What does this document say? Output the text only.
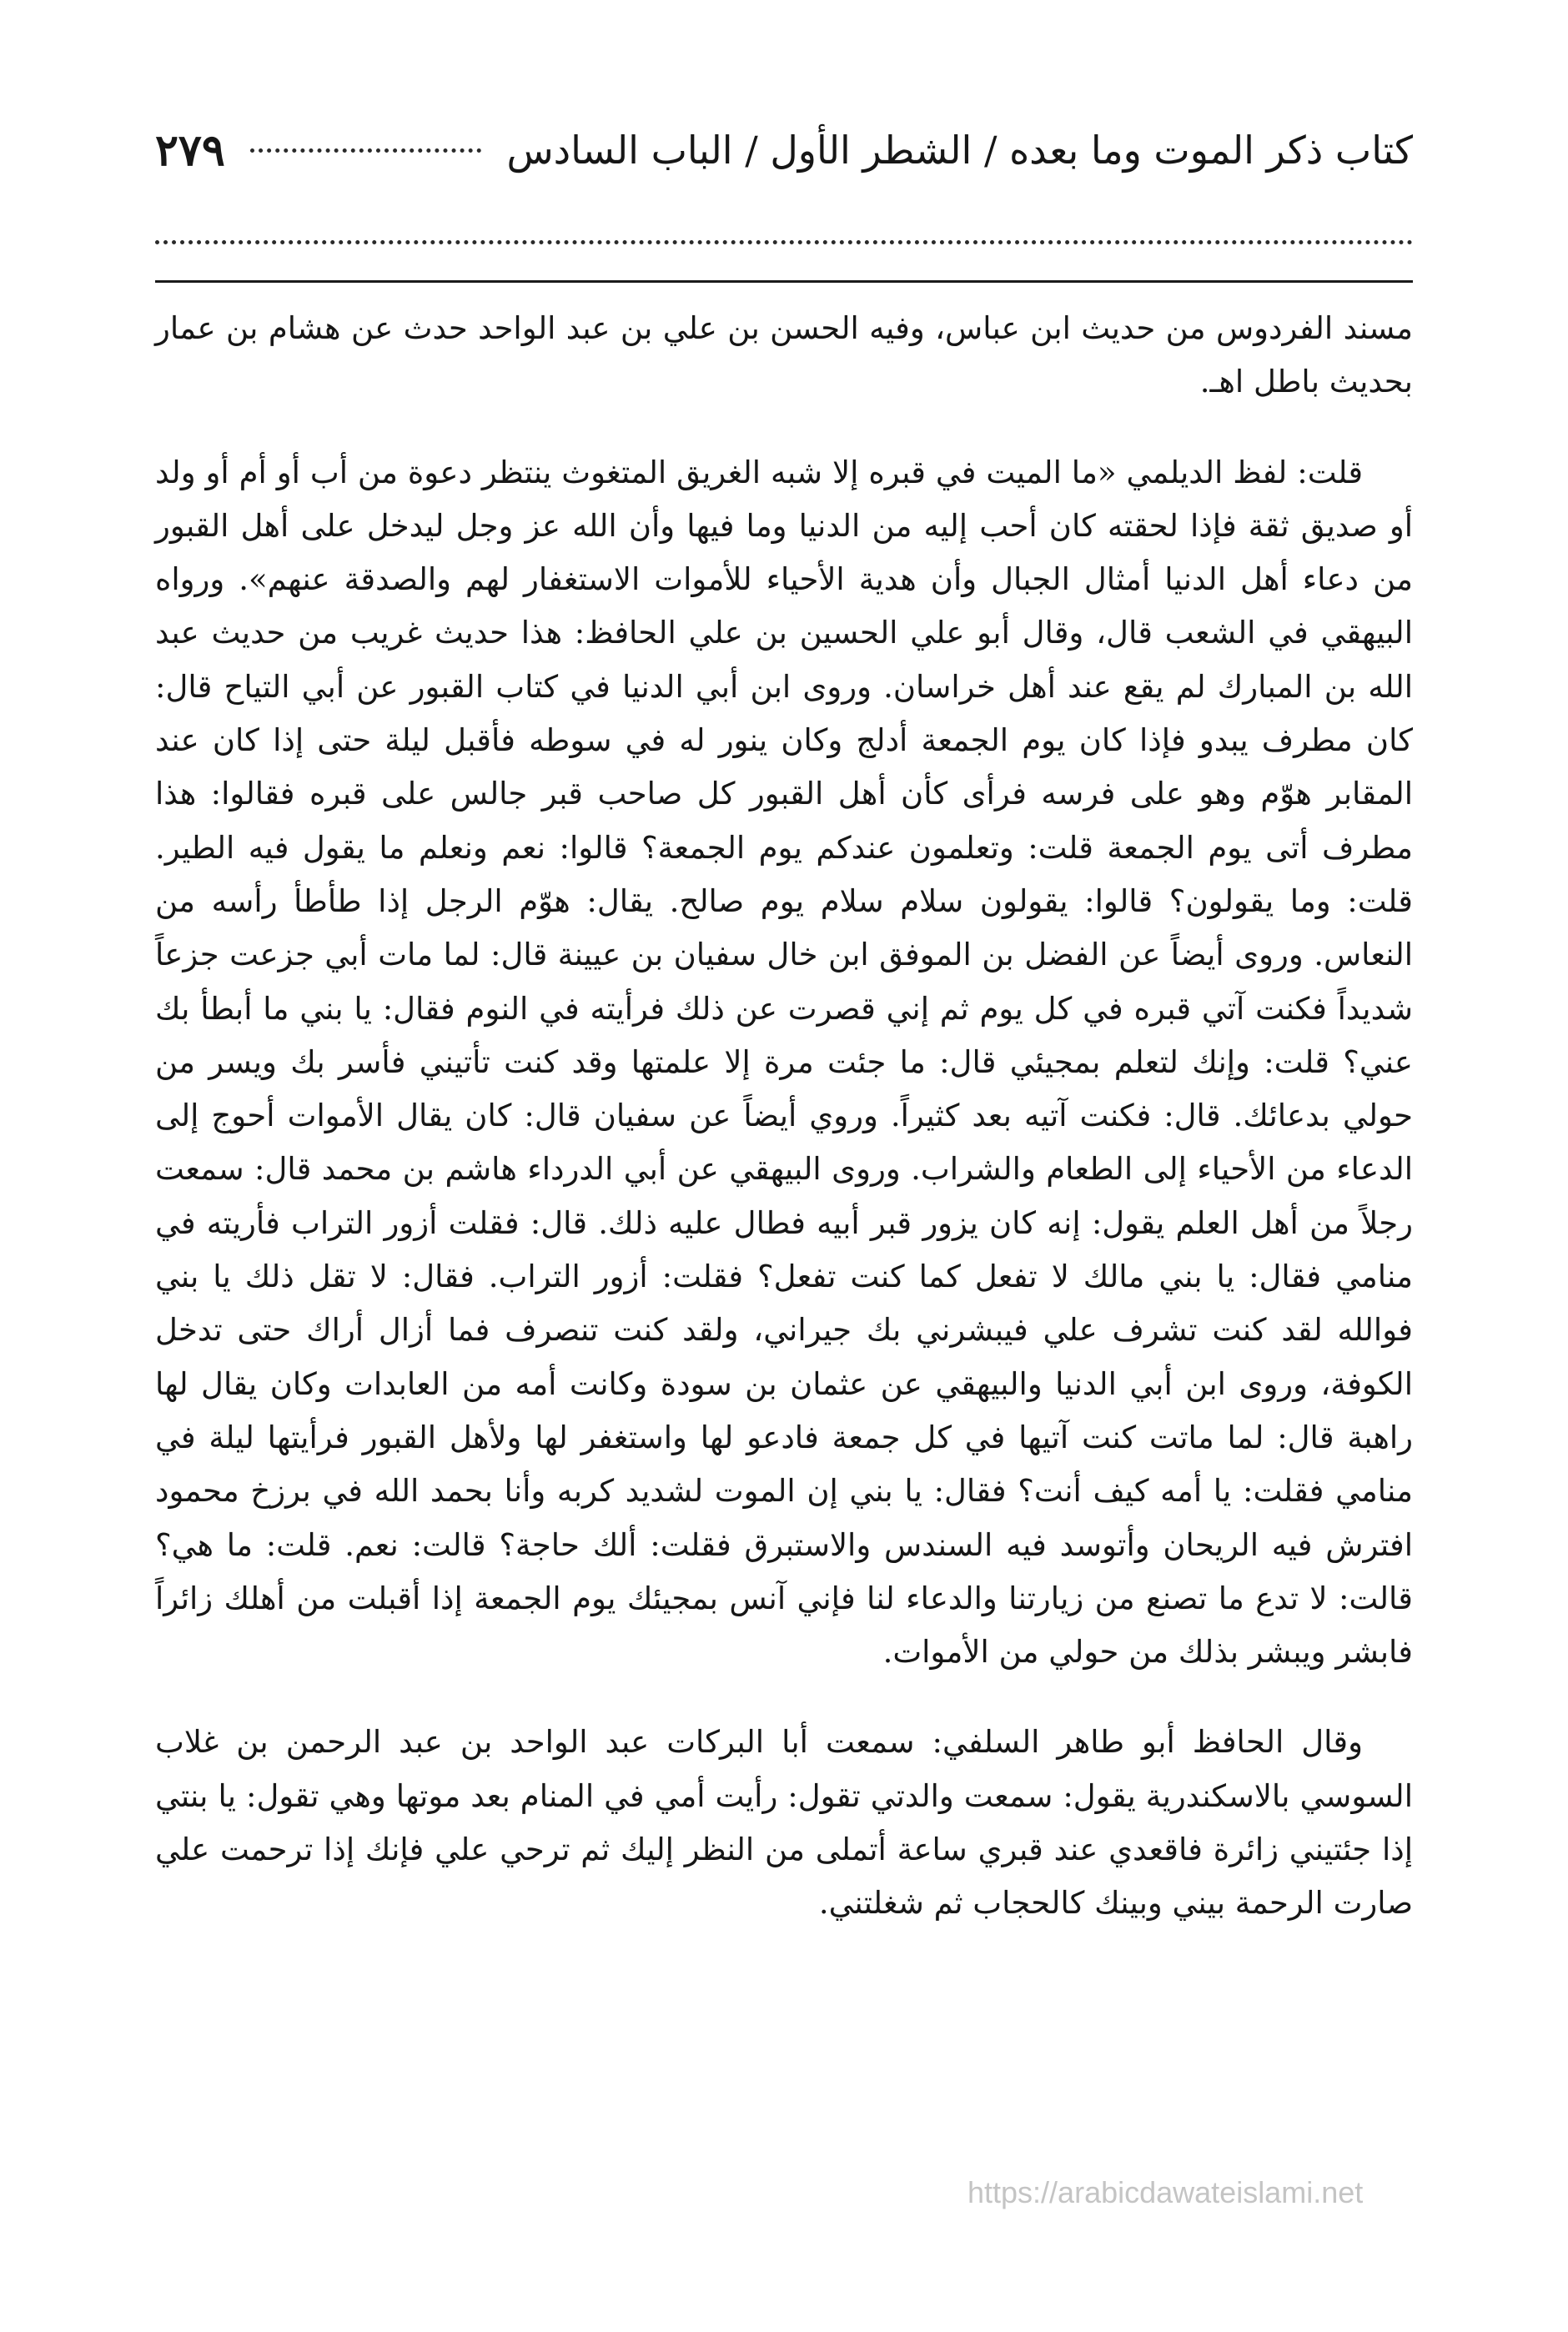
كتاب ذكر الموت وما بعده / الشطر الأول / الباب السادس
٢٧٩

مسند الفردوس من حديث ابن عباس، وفيه الحسن بن علي بن عبد الواحد حدث عن هشام بن عمار بحديث باطل اهـ.

قلت: لفظ الديلمي «ما الميت في قبره إلا شبه الغريق المتغوث ينتظر دعوة من أب أو أم أو ولد أو صديق ثقة فإذا لحقته كان أحب إليه من الدنيا وما فيها وأن الله عز وجل ليدخل على أهل القبور من دعاء أهل الدنيا أمثال الجبال وأن هدية الأحياء للأموات الاستغفار لهم والصدقة عنهم». ورواه البيهقي في الشعب قال، وقال أبو علي الحسين بن علي الحافظ: هذا حديث غريب من حديث عبد الله بن المبارك لم يقع عند أهل خراسان. وروى ابن أبي الدنيا في كتاب القبور عن أبي التياح قال: كان مطرف يبدو فإذا كان يوم الجمعة أدلج وكان ينور له في سوطه فأقبل ليلة حتى إذا كان عند المقابر هوّم وهو على فرسه فرأى كأن أهل القبور كل صاحب قبر جالس على قبره فقالوا: هذا مطرف أتى يوم الجمعة قلت: وتعلمون عندكم يوم الجمعة؟ قالوا: نعم ونعلم ما يقول فيه الطير. قلت: وما يقولون؟ قالوا: يقولون سلام سلام يوم صالح. يقال: هوّم الرجل إذا طأطأ رأسه من النعاس. وروى أيضاً عن الفضل بن الموفق ابن خال سفيان بن عيينة قال: لما مات أبي جزعت جزعاً شديداً فكنت آتي قبره في كل يوم ثم إني قصرت عن ذلك فرأيته في النوم فقال: يا بني ما أبطأ بك عني؟ قلت: وإنك لتعلم بمجيئي قال: ما جئت مرة إلا علمتها وقد كنت تأتيني فأسر بك ويسر من حولي بدعائك. قال: فكنت آتيه بعد كثيراً. وروي أيضاً عن سفيان قال: كان يقال الأموات أحوج إلى الدعاء من الأحياء إلى الطعام والشراب. وروى البيهقي عن أبي الدرداء هاشم بن محمد قال: سمعت رجلاً من أهل العلم يقول: إنه كان يزور قبر أبيه فطال عليه ذلك. قال: فقلت أزور التراب فأريته في منامي فقال: يا بني مالك لا تفعل كما كنت تفعل؟ فقلت: أزور التراب. فقال: لا تقل ذلك يا بني فوالله لقد كنت تشرف علي فيبشرني بك جيراني، ولقد كنت تنصرف فما أزال أراك حتى تدخل الكوفة، وروى ابن أبي الدنيا والبيهقي عن عثمان بن سودة وكانت أمه من العابدات وكان يقال لها راهبة قال: لما ماتت كنت آتيها في كل جمعة فادعو لها واستغفر لها ولأهل القبور فرأيتها ليلة في منامي فقلت: يا أمه كيف أنت؟ فقال: يا بني إن الموت لشديد كربه وأنا بحمد الله في برزخ محمود افترش فيه الريحان وأتوسد فيه السندس والاستبرق فقلت: ألك حاجة؟ قالت: نعم. قلت: ما هي؟ قالت: لا تدع ما تصنع من زيارتنا والدعاء لنا فإني آنس بمجيئك يوم الجمعة إذا أقبلت من أهلك زائراً فابشر ويبشر بذلك من حولي من الأموات.

وقال الحافظ أبو طاهر السلفي: سمعت أبا البركات عبد الواحد بن عبد الرحمن بن غلاب السوسي بالاسكندرية يقول: سمعت والدتي تقول: رأيت أمي في المنام بعد موتها وهي تقول: يا بنتي إذا جئتيني زائرة فاقعدي عند قبري ساعة أتملى من النظر إليك ثم ترحي علي فإنك إذا ترحمت علي صارت الرحمة بيني وبينك كالحجاب ثم شغلتني.

https://arabicdawateislami.net
